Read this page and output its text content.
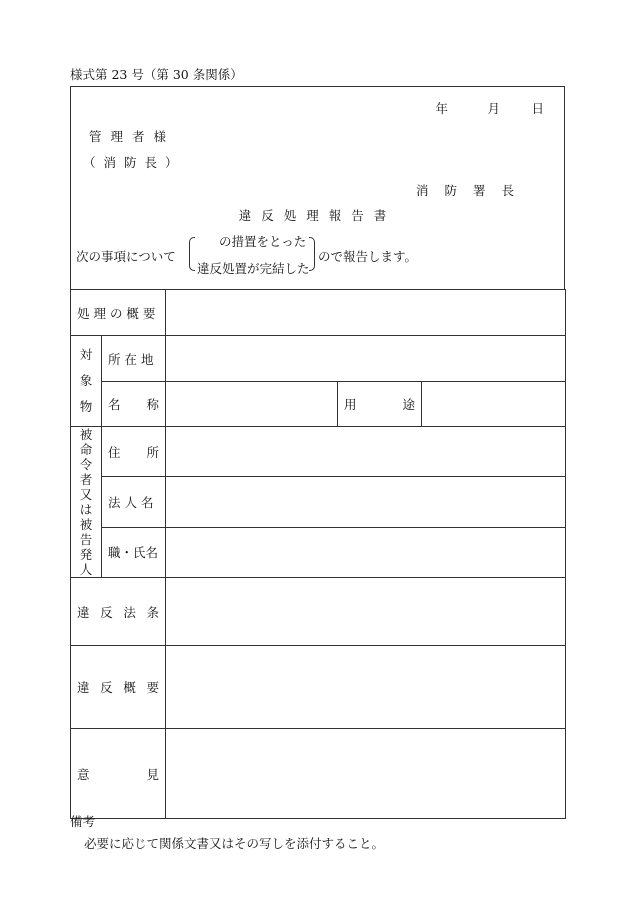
様式第 23 号（第 30 条関係）
年	月	日
管理者様
（消防長）
消防署長
違反処理報告書
次の事項について
の措置をとった
違反処置が完結した
ので報告します。
処 理 の 概 要				

対象物	所 在 地			

	名 称		用 途	

被命令者又は被告発人	住 所			

	法 人 名			
	職・氏名			

違 反 法 条				

違 反 概 要				

意 見				

備考
必要に応じて関係文書又はその写しを添付すること。
